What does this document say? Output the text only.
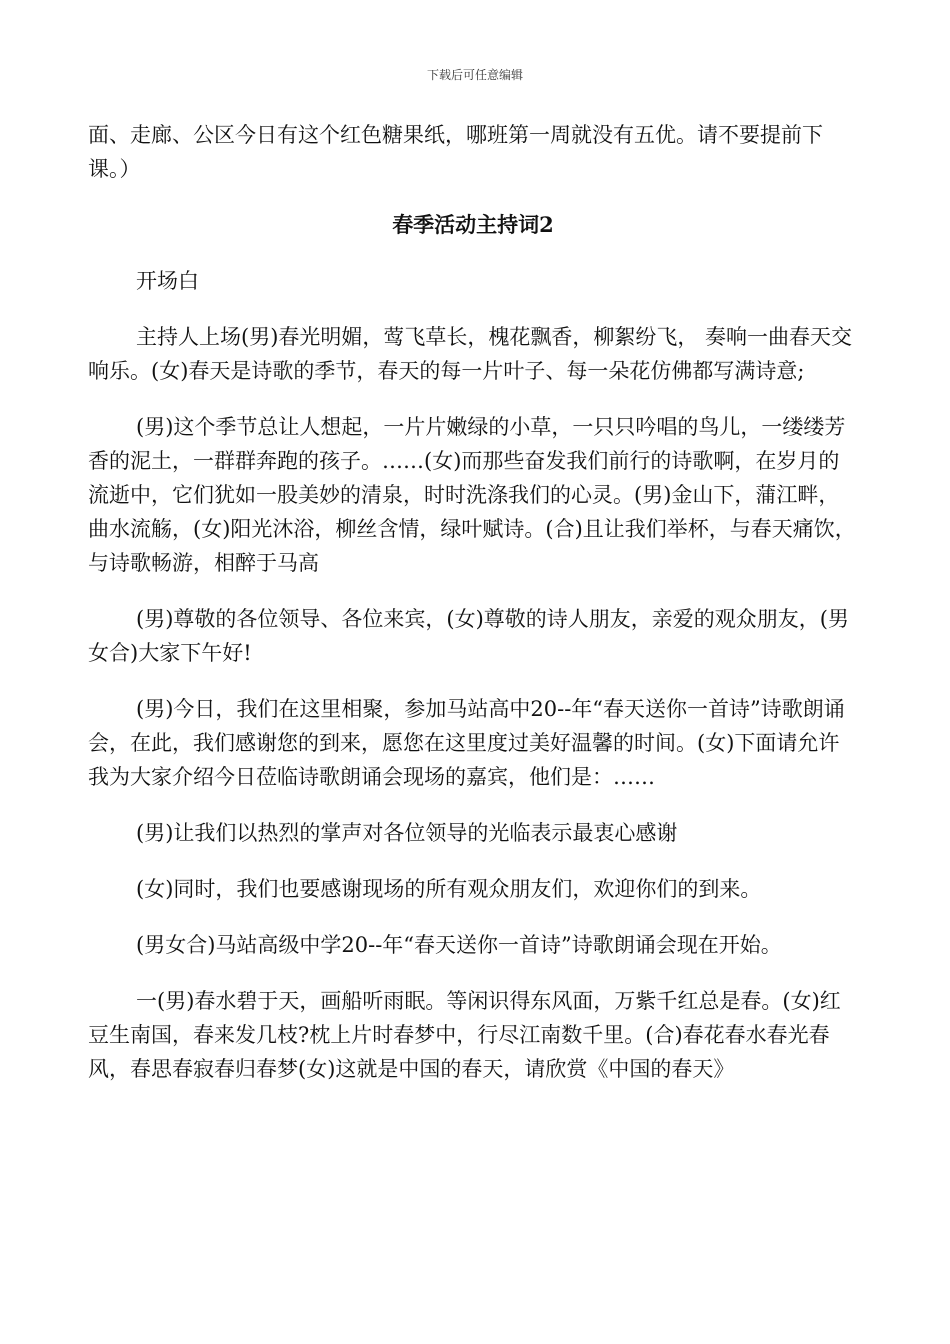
下载后可任意编辑

面、走廊、公区今日有这个红色糖果纸，哪班第一周就没有五优。请不要提前下课。）

春季活动主持词2

开场白

主持人上场(男)春光明媚，莺飞草长，槐花飘香，柳絮纷飞， 奏响一曲春天交响乐。(女)春天是诗歌的季节，春天的每一片叶子、每一朵花仿佛都写满诗意;

(男)这个季节总让人想起，一片片嫩绿的小草，一只只吟唱的鸟儿，一缕缕芳香的泥土，一群群奔跑的孩子。……(女)而那些奋发我们前行的诗歌啊，在岁月的流逝中，它们犹如一股美妙的清泉，时时洗涤我们的心灵。(男)金山下，蒲江畔，曲水流觞，(女)阳光沐浴，柳丝含情，绿叶赋诗。(合)且让我们举杯，与春天痛饮，与诗歌畅游，相醉于马高

(男)尊敬的各位领导、各位来宾，(女)尊敬的诗人朋友，亲爱的观众朋友，(男女合)大家下午好!

(男)今日，我们在这里相聚，参加马站高中20--年“春天送你一首诗”诗歌朗诵会，在此，我们感谢您的到来，愿您在这里度过美好温馨的时间。(女)下面请允许我为大家介绍今日莅临诗歌朗诵会现场的嘉宾，他们是：……

(男)让我们以热烈的掌声对各位领导的光临表示最衷心感谢

(女)同时，我们也要感谢现场的所有观众朋友们，欢迎你们的到来。

(男女合)马站高级中学20--年“春天送你一首诗”诗歌朗诵会现在开始。

一(男)春水碧于天，画船听雨眠。等闲识得东风面，万紫千红总是春。(女)红豆生南国，春来发几枝?枕上片时春梦中，行尽江南数千里。(合)春花春水春光春风，春思春寂春归春梦(女)这就是中国的春天，请欣赏《中国的春天》
